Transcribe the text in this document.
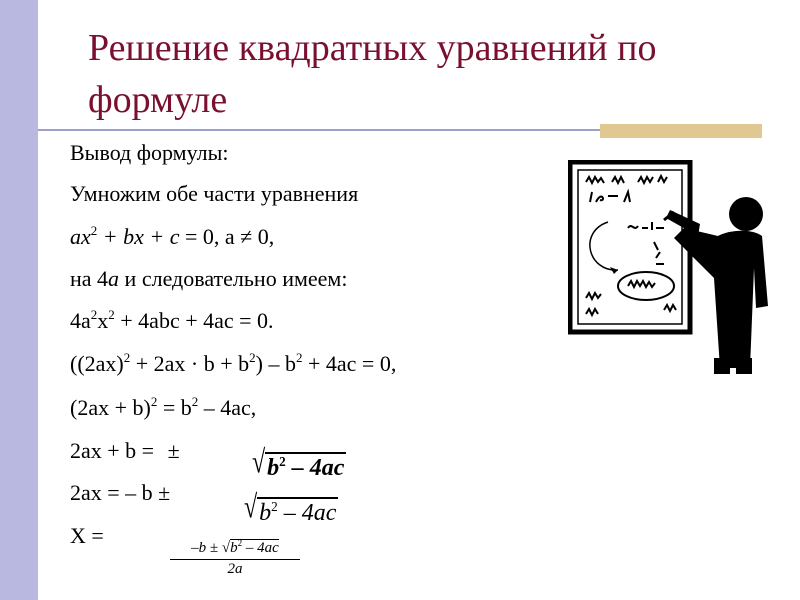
Решение квадратных уравнений по формуле
Вывод формулы:
Умножим обе части уравнения
$ax^2$ + bx + c = 0, a ≠ 0,
на 4a и следовательно имеем:
$4a^2x^2 + 4abc + 4ac = 0$.
$((2ax)^2 + 2ax \cdot b + b^2) - b^2 + 4ac = 0$,
$(2ax + b)^2 = b^2 - 4ac$,
2ax + b = ±	$√b^2 - 4ac$
2ax = – b ±	$√b^2 - 4ac$
X =
$\frac{-b \pm √b^2 - 4ac}{2a}$
